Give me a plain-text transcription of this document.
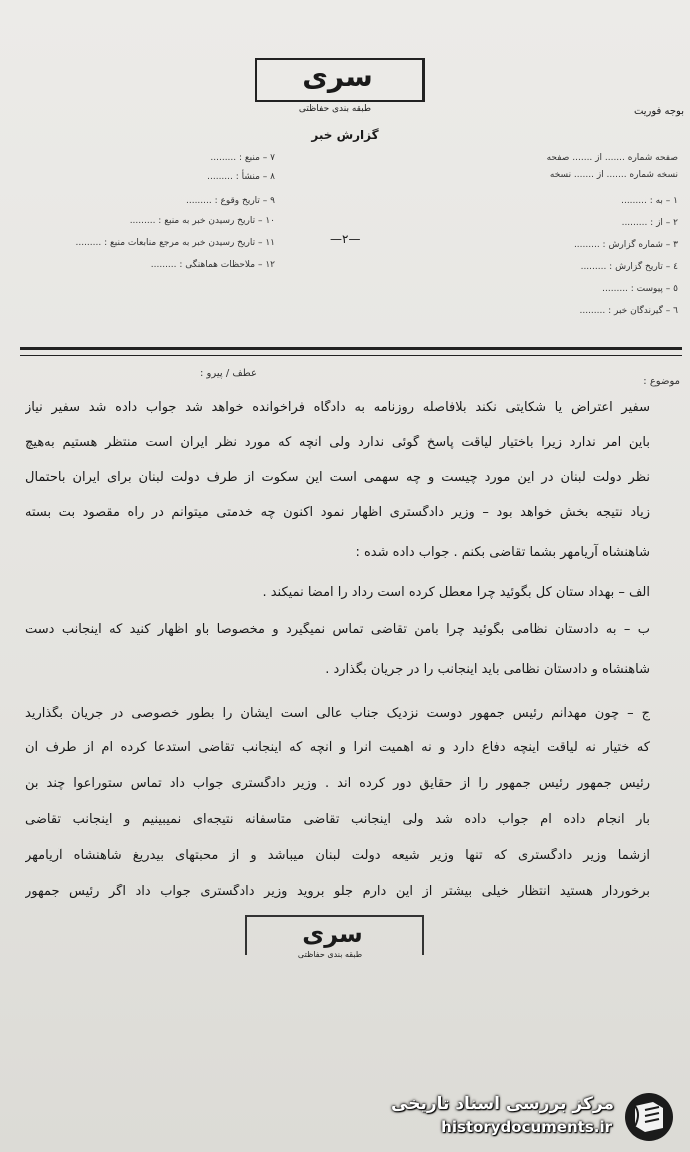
بوجه فوریت
سری
طبقه بندی حفاظتی
گزارش خبر
٧ – منبع : .........
٨ – منشأ : .........
٩ – تاریخ وقوع : .........
١٠ – تاریخ رسیدن خبر به منبع : .........
١١ – تاریخ رسیدن خبر به مرجع منابعات منبع : .........
١٢ – ملاحظات هماهنگی : .........
—٢—
صفحه شماره ....... از ....... صفحه
نسخه شماره ....... از ....... نسخه
١ – به : .........
٢ – از : .........
٣ – شماره گزارش : .........
٤ – تاریخ گزارش : .........
٥ – پیوست : .........
٦ – گیرندگان خبر : .........
موضوع :
عطف / پیرو :
سفیر اعتراض یا شکایتی نکند بلافاصله روزنامه به دادگاه فراخوانده خواهد شد جواب داده شد سفیر نیاز
باین امر ندارد زیرا باختیار لیاقت پاسخ گوئی ندارد ولی آنچه که مورد نظر ایران است منتظر هستیم به‌هیچ
نظر دولت لبنان در این مورد چیست و چه سهمی است این سکوت از طرف دولت لبنان برای ایران باحتمال
زیاد نتیجه بخش خواهد بود – وزیر دادگستری اظهار نمود اکنون چه خدمتی میتوانم در راه مقصود بت بسته
شاهنشاه آریامهر بشما تقاضی بکنم . جواب داده شده :
الف – بهداد ستان کل بگوئید چرا معطل کرده است رداد را امضا نمیکند .
ب – به دادستان نظامی بگوئید چرا بامن تقاضی تماس نمیگیرد و مخصوصا باو اظهار کنید که اینجانب دست
شاهنشاه و دادستان نظامی باید اینجانب را در جریان بگذارد .
ج – چون مهدانم رئیس جمهور دوست نزدیک جناب عالی است ایشان را بطور خصوصی در جریان بگذارید
که ختیار نه لیاقت اینچه دفاع دارد و نه اهمیت آنرا و آنچه که اینجانب تقاضی استدعا کرده ام از طرف آن
رئیس جمهور رئیس جمهور را از حقایق دور کرده اند . وزیر دادگستری جواب داد تماس ستوراعوا چند بن
بار انجام داده ام جواب داده شد ولی اینجانب تقاضی متاسفانه نتیجه‌ای نمیبینیم و اینجانب تقاضی
ازشما وزیر دادگستری که تنها وزیر شیعه دولت لبنان میباشد و از محبتهای بیدریغ شاهنشاه آریامهر
برخوردار هستید انتظار خیلی بیشتر از این دارم جلو بروید وزیر دادگستری جواب داد اگر رئیس جمهور
سری
طبقه بندی حفاظتی
مرکز بررسی اسناد تاریخی
historydocuments.ir
